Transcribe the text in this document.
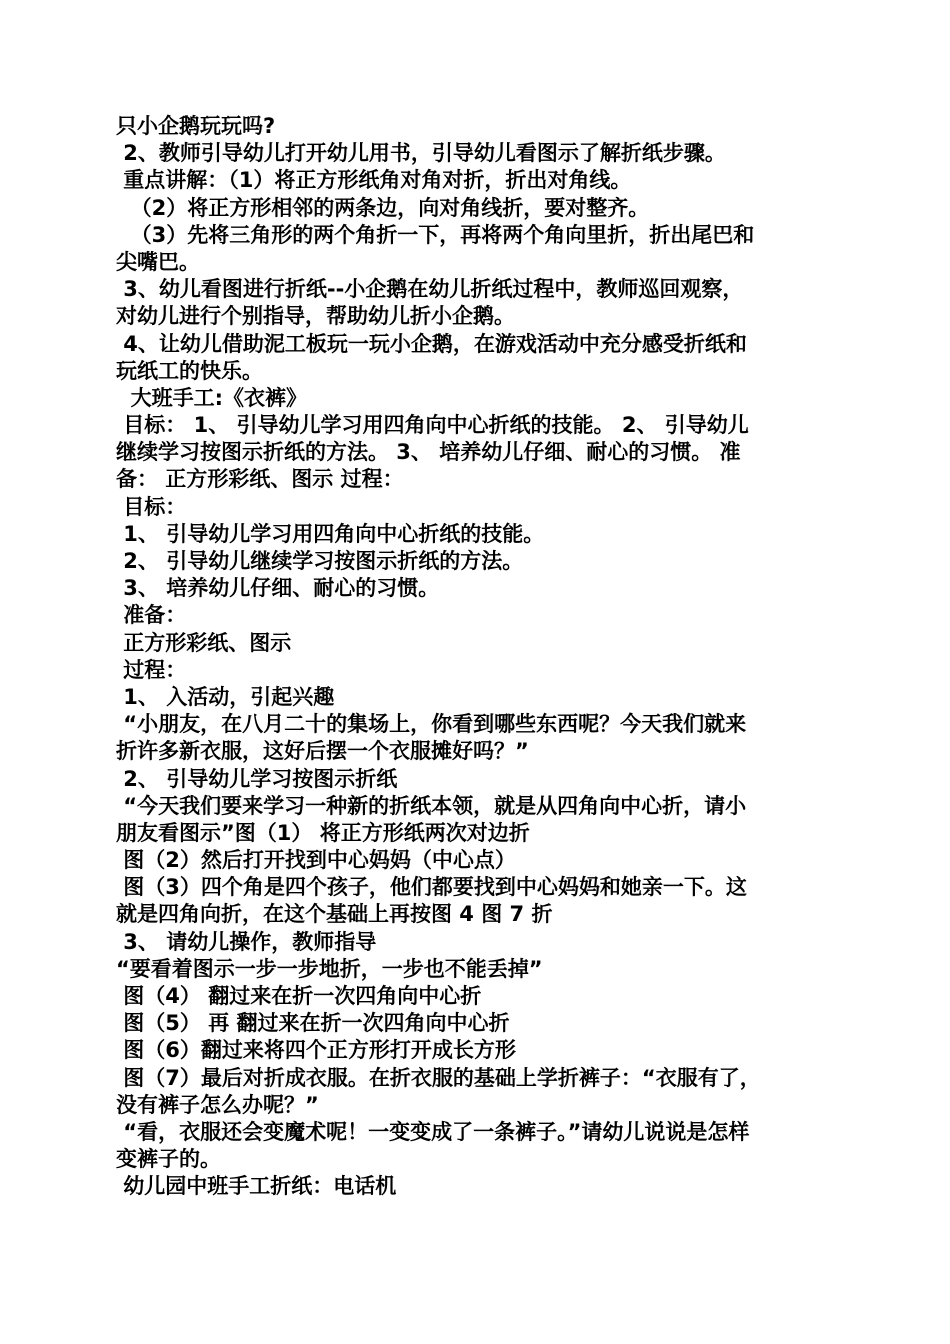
只小企鹅玩玩吗?
2、教师引导幼儿打开幼儿用书，引导幼儿看图示了解折纸步骤。
重点讲解：（1）将正方形纸角对角对折，折出对角线。
（2）将正方形相邻的两条边，向对角线折，要对整齐。
（3）先将三角形的两个角折一下，再将两个角向里折，折出尾巴和
尖嘴巴。
3、幼儿看图进行折纸--小企鹅在幼儿折纸过程中，教师巡回观察，
对幼儿进行个别指导，帮助幼儿折小企鹅。
4、让幼儿借助泥工板玩一玩小企鹅，在游戏活动中充分感受折纸和
玩纸工的快乐。
大班手工:《衣裤》
目标： 1、 引导幼儿学习用四角向中心折纸的技能。 2、 引导幼儿
继续学习按图示折纸的方法。 3、 培养幼儿仔细、耐心的习惯。 准
备： 正方形彩纸、图示 过程：
目标：
1、 引导幼儿学习用四角向中心折纸的技能。
2、 引导幼儿继续学习按图示折纸的方法。
3、 培养幼儿仔细、耐心的习惯。
准备：
正方形彩纸、图示
过程：
1、 入活动，引起兴趣
“小朋友，在八月二十的集场上，你看到哪些东西呢？今天我们就来
折许多新衣服，这好后摆一个衣服摊好吗？”
2、 引导幼儿学习按图示折纸
“今天我们要来学习一种新的折纸本领，就是从四角向中心折，请小
朋友看图示”图（1） 将正方形纸两次对边折
图（2）然后打开找到中心妈妈（中心点）
图（3）四个角是四个孩子，他们都要找到中心妈妈和她亲一下。这
就是四角向折，在这个基础上再按图 4 图 7 折
3、 请幼儿操作，教师指导
“要看着图示一步一步地折，一步也不能丢掉”
图（4） 翻过来在折一次四角向中心折
图（5） 再 翻过来在折一次四角向中心折
图（6）翻过来将四个正方形打开成长方形
图（7）最后对折成衣服。在折衣服的基础上学折裤子：“衣服有了，
没有裤子怎么办呢？”
“看，衣服还会变魔术呢！一变变成了一条裤子。”请幼儿说说是怎样
变裤子的。
幼儿园中班手工折纸：电话机
